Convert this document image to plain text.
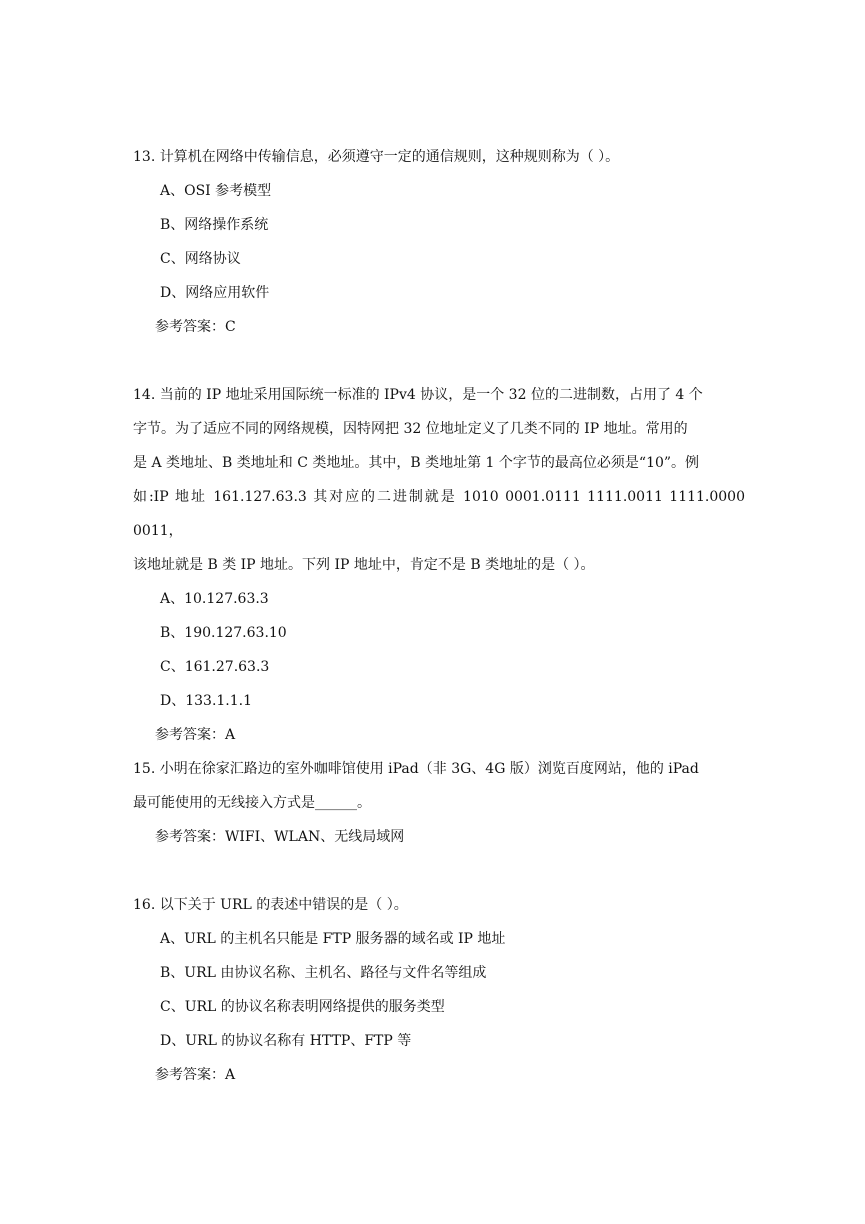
13. 计算机在网络中传输信息，必须遵守一定的通信规则，这种规则称为（ ）。

A、OSI 参考模型

B、网络操作系统

C、网络协议

D、网络应用软件

参考答案：C

14. 当前的 IP 地址采用国际统一标准的 IPv4 协议，是一个 32 位的二进制数，占用了 4 个

字节。为了适应不同的网络规模，因特网把 32 位地址定义了几类不同的 IP 地址。常用的

是 A 类地址、B 类地址和 C 类地址。其中，B 类地址第 1 个字节的最高位必须是“10”。例

如:IP 地址 161.127.63.3 其对应的二进制就是 1010 0001.0111 1111.0011 1111.0000 0011，

该地址就是 B 类 IP 地址。下列 IP 地址中，肯定不是 B 类地址的是（ ）。

A、10.127.63.3

B、190.127.63.10

C、161.27.63.3

D、133.1.1.1

参考答案：A

15. 小明在徐家汇路边的室外咖啡馆使用 iPad（非 3G、4G 版）浏览百度网站，他的 iPad

最可能使用的无线接入方式是______。

参考答案：WIFI、WLAN、无线局域网

16. 以下关于 URL 的表述中错误的是（ ）。

A、URL 的主机名只能是 FTP 服务器的域名或 IP 地址

B、URL 由协议名称、主机名、路径与文件名等组成

C、URL 的协议名称表明网络提供的服务类型

D、URL 的协议名称有 HTTP、FTP 等

参考答案：A
